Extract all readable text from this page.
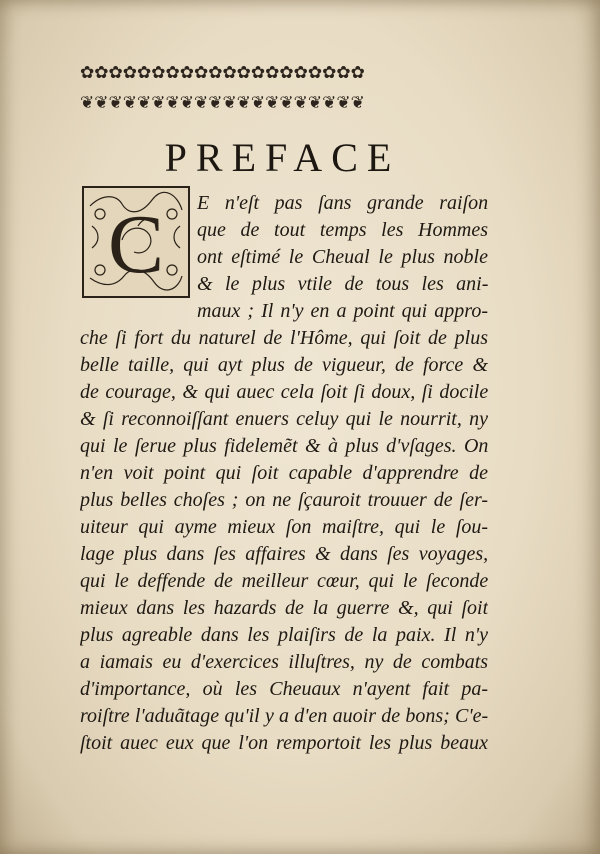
✿✿✿✿✿✿✿✿✿✿✿✿✿✿✿✿✿✿✿✿
❦❦❦❦❦❦❦❦❦❦❦❦❦❦❦❦❦❦❦❦
PREFACE
C E n'eſt pas ſans grande raiſon
que de tout temps les Hommes
ont eſtimé le Cheual le plus noble
& le plus vtile de tous les ani-
maux ; Il n'y en a point qui appro-
che ſi fort du naturel de l'Hôme, qui ſoit de plus
belle taille, qui ayt plus de vigueur, de force &
de courage, & qui auec cela ſoit ſi doux, ſi docile
& ſi reconnoiſſant enuers celuy qui le nourrit, ny
qui le ſerue plus fidelemẽt & à plus d'vſages. On
n'en voit point qui ſoit capable d'apprendre de
plus belles choſes ; on ne ſçauroit trouuer de ſer-
uiteur qui ayme mieux ſon maiſtre, qui le ſou-
lage plus dans ſes affaires & dans ſes voyages,
qui le deffende de meilleur cœur, qui le ſeconde
mieux dans les hazards de la guerre &, qui ſoit
plus agreable dans les plaiſirs de la paix. Il n'y
a iamais eu d'exercices illuſtres, ny de combats
d'importance, où les Cheuaux n'ayent fait pa-
roiſtre l'aduãtage qu'il y a d'en auoir de bons; C'e-
ſtoit auec eux que l'on remportoit les plus beaux
